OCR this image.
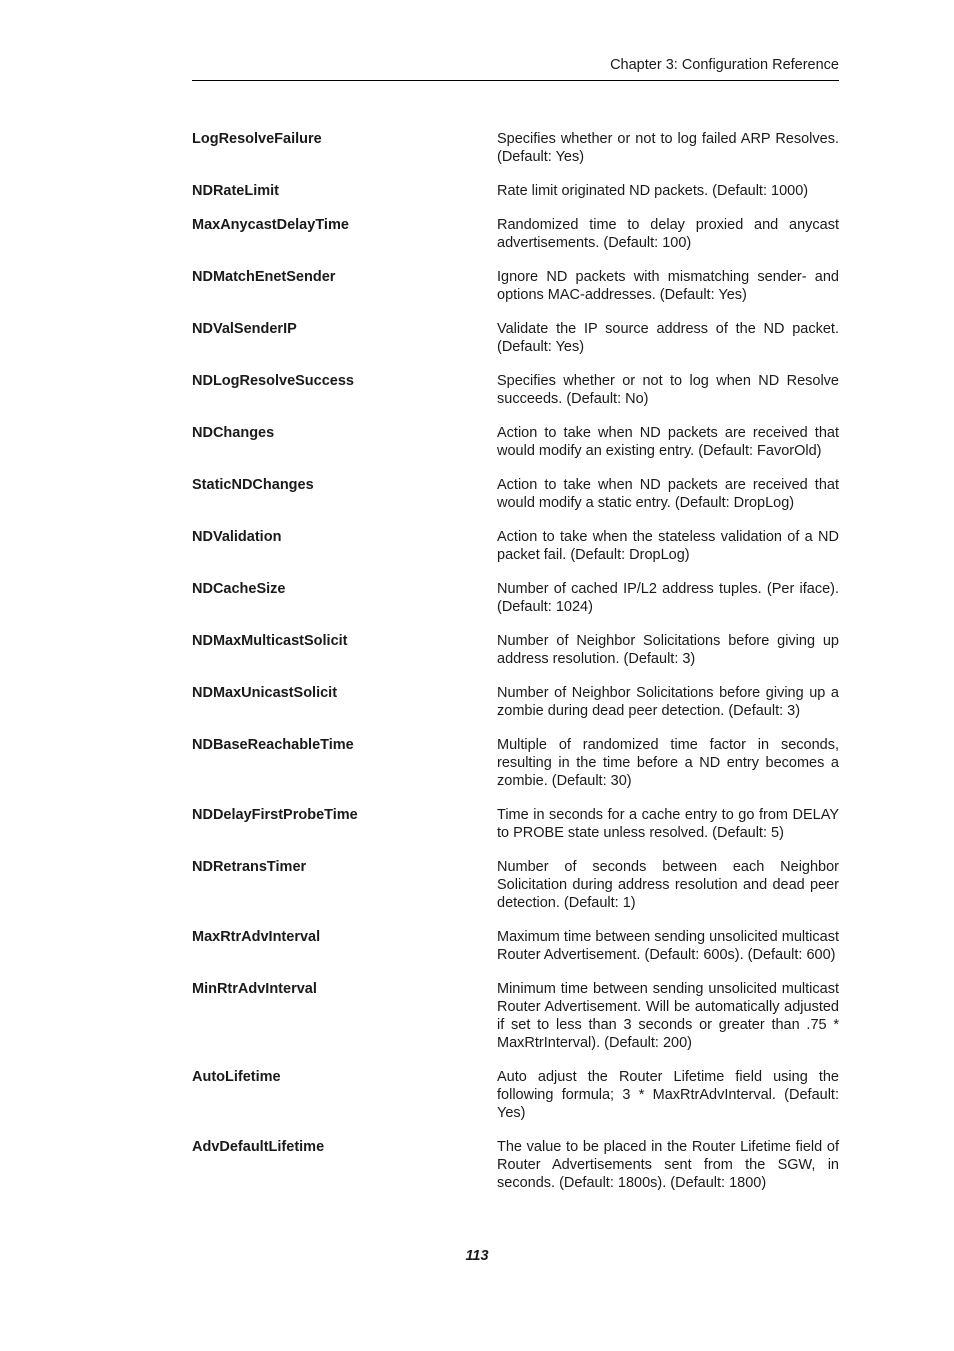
Chapter 3: Configuration Reference
LogResolveFailure	Specifies whether or not to log failed ARP Resolves. (Default: Yes)
NDRateLimit	Rate limit originated ND packets. (Default: 1000)
MaxAnycastDelayTime	Randomized time to delay proxied and anycast advertisements. (Default: 100)
NDMatchEnetSender	Ignore ND packets with mismatching sender- and options MAC-addresses. (Default: Yes)
NDValSenderIP	Validate the IP source address of the ND packet. (Default: Yes)
NDLogResolveSuccess	Specifies whether or not to log when ND Resolve succeeds. (Default: No)
NDChanges	Action to take when ND packets are received that would modify an existing entry. (Default: FavorOld)
StaticNDChanges	Action to take when ND packets are received that would modify a static entry. (Default: DropLog)
NDValidation	Action to take when the stateless validation of a ND packet fail. (Default: DropLog)
NDCacheSize	Number of cached IP/L2 address tuples. (Per iface). (Default: 1024)
NDMaxMulticastSolicit	Number of Neighbor Solicitations before giving up address resolution. (Default: 3)
NDMaxUnicastSolicit	Number of Neighbor Solicitations before giving up a zombie during dead peer detection. (Default: 3)
NDBaseReachableTime	Multiple of randomized time factor in seconds, resulting in the time before a ND entry becomes a zombie. (Default: 30)
NDDelayFirstProbeTime	Time in seconds for a cache entry to go from DELAY to PROBE state unless resolved. (Default: 5)
NDRetransTimer	Number of seconds between each Neighbor Solicitation during address resolution and dead peer detection. (Default: 1)
MaxRtrAdvInterval	Maximum time between sending unsolicited multicast Router Advertisement. (Default: 600s). (Default: 600)
MinRtrAdvInterval	Minimum time between sending unsolicited multicast Router Advertisement. Will be automatically adjusted if set to less than 3 seconds or greater than .75 * MaxRtrInterval). (Default: 200)
AutoLifetime	Auto adjust the Router Lifetime field using the following formula; 3 * MaxRtrAdvInterval. (Default: Yes)
AdvDefaultLifetime	The value to be placed in the Router Lifetime field of Router Advertisements sent from the SGW, in seconds. (Default: 1800s). (Default: 1800)
113
